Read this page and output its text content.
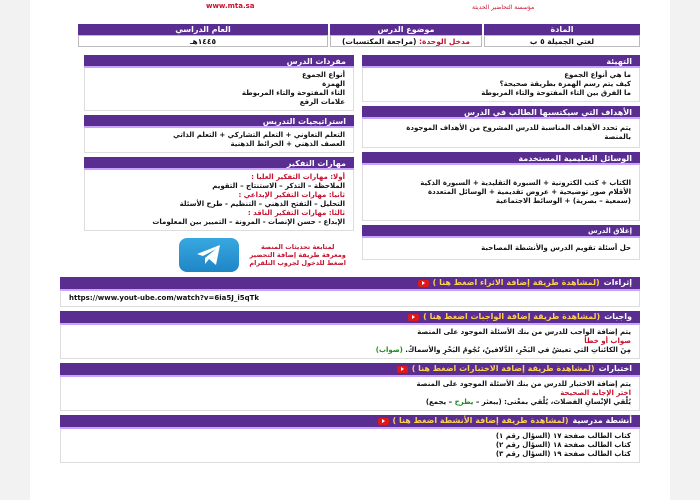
www.mta.sa	مؤسسة التحاضير الحديثة
المادة
لغتي الجميلة ٥ ب
موضوع الدرس
مدخل الوحدة: (مراجعة المكتسبات)
العام الدراسي
١٤٤٥هـ
التهيئة
ما هي أنواع الجموع
كيف يتم رسم الهمزة بطريقة صحيحة؟
ما الفرق بين التاء المفتوحة والتاء المربوطة
الأهداف التي سيكتسبها الطالب في الدرس
يتم تحدد الأهداف المناسبة للدرس المشروح من الأهداف الموجودة
بالمنصة
الوسائل التعليمية المستخدمة
الكتاب + كتب الكترونية + السبورة التقليدية + السبورة الذكية
الأقلام صور توضيحية + عروض تقديمية + الوسائل المتعددة
(سمعية – بصرية) + الوسائط الاجتماعية
إغلاق الدرس
حل أسئلة تقويم الدرس والأنشطة المصاحبة
مفردات الدرس
أنواع الجموع
الهمزة
التاء المفتوحة والتاء المربوطة
علامات الرفع
استراتيجيات التدريس
التعلم التعاوني + التعلم التشاركي + التعلم الذاتي
العصف الذهني + الخرائط الذهنية
مهارات التفكير
أولا: مهارات التفكير العليا :
الملاحظة – التذكر – الاستنتاج – التقويم
ثانيا: مهارات التفكير الإبداعي :
التحليل – التفتح الذهني – التنظيم - طرح الأسئلة
ثالثا: مهارات التفكير الناقد :
الإبداع - حسن الإنصات - المرونة – التمييز بين المعلومات
لمتابعة تحديثات المنصة
ومعرفة طريقة إضافة التحضير
اضغط للدخول لجروب التلقرام
إثراءات
(لمشاهدة طريقة إضافة الاثراء اضغط هنا )
https://www.yout-ube.com/watch?v=6ia5J_i5qTk
واجبات
(لمشاهدة طريقة إضافة الواجبات اضغط هنا )
يتم إضافة الواجب للدرس من بنك الأسئلة الموجود على المنصة
صواب أو خطأ
مِنَ الكائناتِ التي تعيشُ في البَحْرِ، الدَّلافينُ، نُجُومُ البَحْرِ والأسماكُ. (صواب)
اختبارات
(لمشاهدة طريقة إضافة الاختبارات اضغط هنا )
يتم إضافة الاختبار للدرس من بنك الأسئلة الموجود على المنصة
اختر الإجابة الصحيحة
يُلْقي الإنْسانِ الفضلاتَ، يُلْقي بمعْنى: (يبعثر – يطرح – يجمع)
أنشطة مدرسية
(لمشاهدة طريقة إضافة الأنشطة اضغط هنا )
كتاب الطالب صفحة ١٧ (السؤال رقم ١)
كتاب الطالب صفحة ١٨ (السؤال رقم ٢)
كتاب الطالب صفحة ١٩ (السؤال رقم ٣)
